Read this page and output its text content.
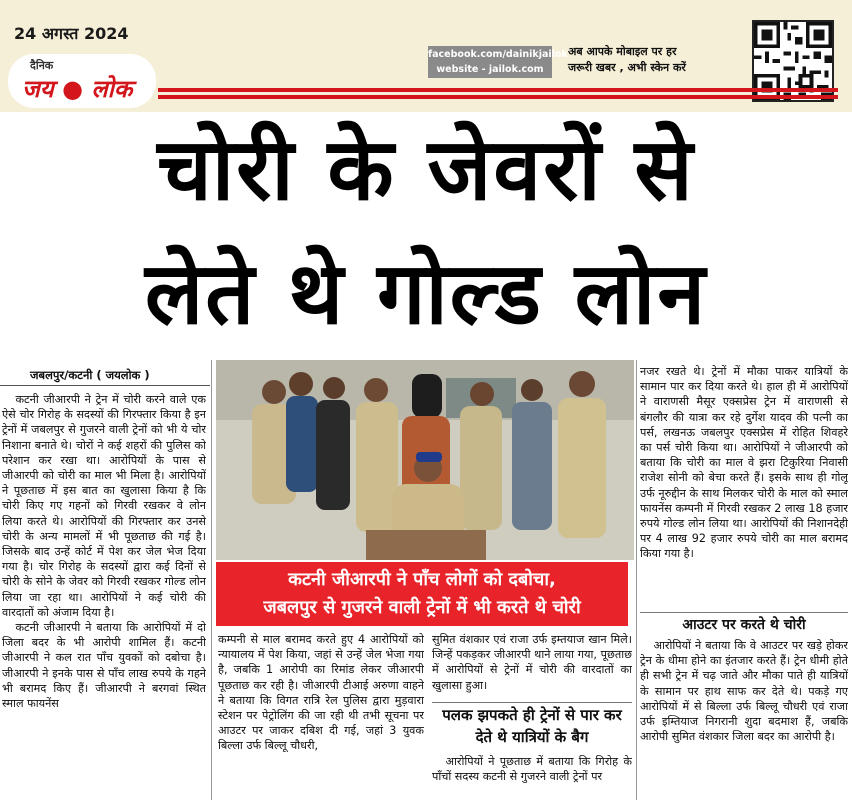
24 अगस्त 2024
दैनिक
जय ● लोक
facebook.com/dainikjailok
website - jailok.com
अब आपके मोबाइल पर हर
जरूरी खबर , अभी स्केन करें
चोरी के जेवरों से
लेते थे गोल्ड लोन
जबलपुर/कटनी ( जयलोक )

कटनी जीआरपी ने ट्रेन में चोरी करने वाले एक ऐसे चोर गिरोह के सदस्यों की गिरफ्तार किया है इन ट्रेनों में जबलपुर से गुजरने वाली ट्रेनों को भी ये चोर निशाना बनाते थे। चोरों ने कई शहरों की पुलिस को परेशान कर रखा था। आरोपियों के पास से जीआरपी को चोरी का माल भी मिला है। आरोपियों ने पूछताछ में इस बात का खुलासा किया है कि चोरी किए गए गहनों को गिरवी रखकर वे लोन लिया करते थे। आरोपियों की गिरफ्तार कर उनसे चोरी के अन्य मामलों में भी पूछताछ की गई है। जिसके बाद उन्हें कोर्ट में पेश कर जेल भेज दिया गया है। चोर गिरोह के सदस्यों द्वारा कई दिनों से चोरी के सोने के जेवर को गिरवी रखकर गोल्ड लोन लिया जा रहा था। आरोपियों ने कई चोरी की वारदातों को अंजाम दिया है।

कटनी जीआरपी ने बताया कि आरोपियों में दो जिला बदर के भी आरोपी शामिल हैं। कटनी जीआरपी ने कल रात पाँच युवकों को दबोचा है। जीआरपी ने इनके पास से पाँच लाख रुपये के गहने भी बरामद किए हैं। जीआरपी ने बरगवां स्थित स्माल फायनेंस

कटनी जीआरपी ने पाँच लोगों को दबोचा,
जबलपुर से गुजरने वाली ट्रेनों में भी करते थे चोरी

कम्पनी से माल बरामद करते हुए 4 आरोपियों को न्यायालय में पेश किया, जहां से उन्हें जेल भेजा गया है, जबकि 1 आरोपी का रिमांड लेकर जीआरपी पूछताछ कर रही है। जीआरपी टीआई अरुणा वाहने ने बताया कि विगत रात्रि रेल पुलिस द्वारा मुड़वारा स्टेशन पर पेट्रोलिंग की जा रही थी तभी सूचना पर आउटर पर जाकर दबिश दी गई, जहां 3 युवक बिल्ला उर्फ बिल्लू चौधरी,

सुमित वंशकार एवं राजा उर्फ इम्तयाज खान मिले। जिन्हें पकड़कर जीआरपी थाने लाया गया, पूछताछ में आरोपियों से ट्रेनों में चोरी की वारदातों का खुलासा हुआ।

पलक झपकते ही ट्रेनों से पार कर देते थे यात्रियों के बैग

आरोपियों ने पूछताछ में बताया कि गिरोह के पाँचों सदस्य कटनी से गुजरने वाली ट्रेनों पर

नजर रखते थे। ट्रेनों में मौका पाकर यात्रियों के सामान पार कर दिया करते थे। हाल ही में आरोपियों ने वाराणसी मैसूर एक्सप्रेस ट्रेन में वाराणसी से बंगलौर की यात्रा कर रहे दुर्गेश यादव की पत्नी का पर्स, लखनऊ जबलपुर एक्सप्रेस में रोहित शिवहरे का पर्स चोरी किया था। आरोपियों ने जीआरपी को बताया कि चोरी का माल वे झरा टिकुरिया निवासी राजेश सोनी को बेचा करते हैं। इसके साथ ही गोलू उर्फ नूरुद्दीन के साथ मिलकर चोरी के माल को स्माल फायनेंस कम्पनी में गिरवी रखकर 2 लाख 18 हजार रुपये गोल्ड लोन लिया था। आरोपियों की निशानदेही पर 4 लाख 92 हजार रुपये चोरी का माल बरामद किया गया है।

आउटर पर करते थे चोरी

आरोपियों ने बताया कि वे आउटर पर खड़े होकर ट्रेन के धीमा होने का इंतजार करते हैं। ट्रेन धीमी होते ही सभी ट्रेन में चढ़ जाते और मौका पाते ही यात्रियों के सामान पर हाथ साफ कर देते थे। पकड़े गए आरोपियों में से बिल्ला उर्फ बिल्लू चौधरी एवं राजा उर्फ इम्तियाज निगरानी शुदा बदमाश हैं, जबकि आरोपी सुमित वंशकार जिला बदर का आरोपी है।
